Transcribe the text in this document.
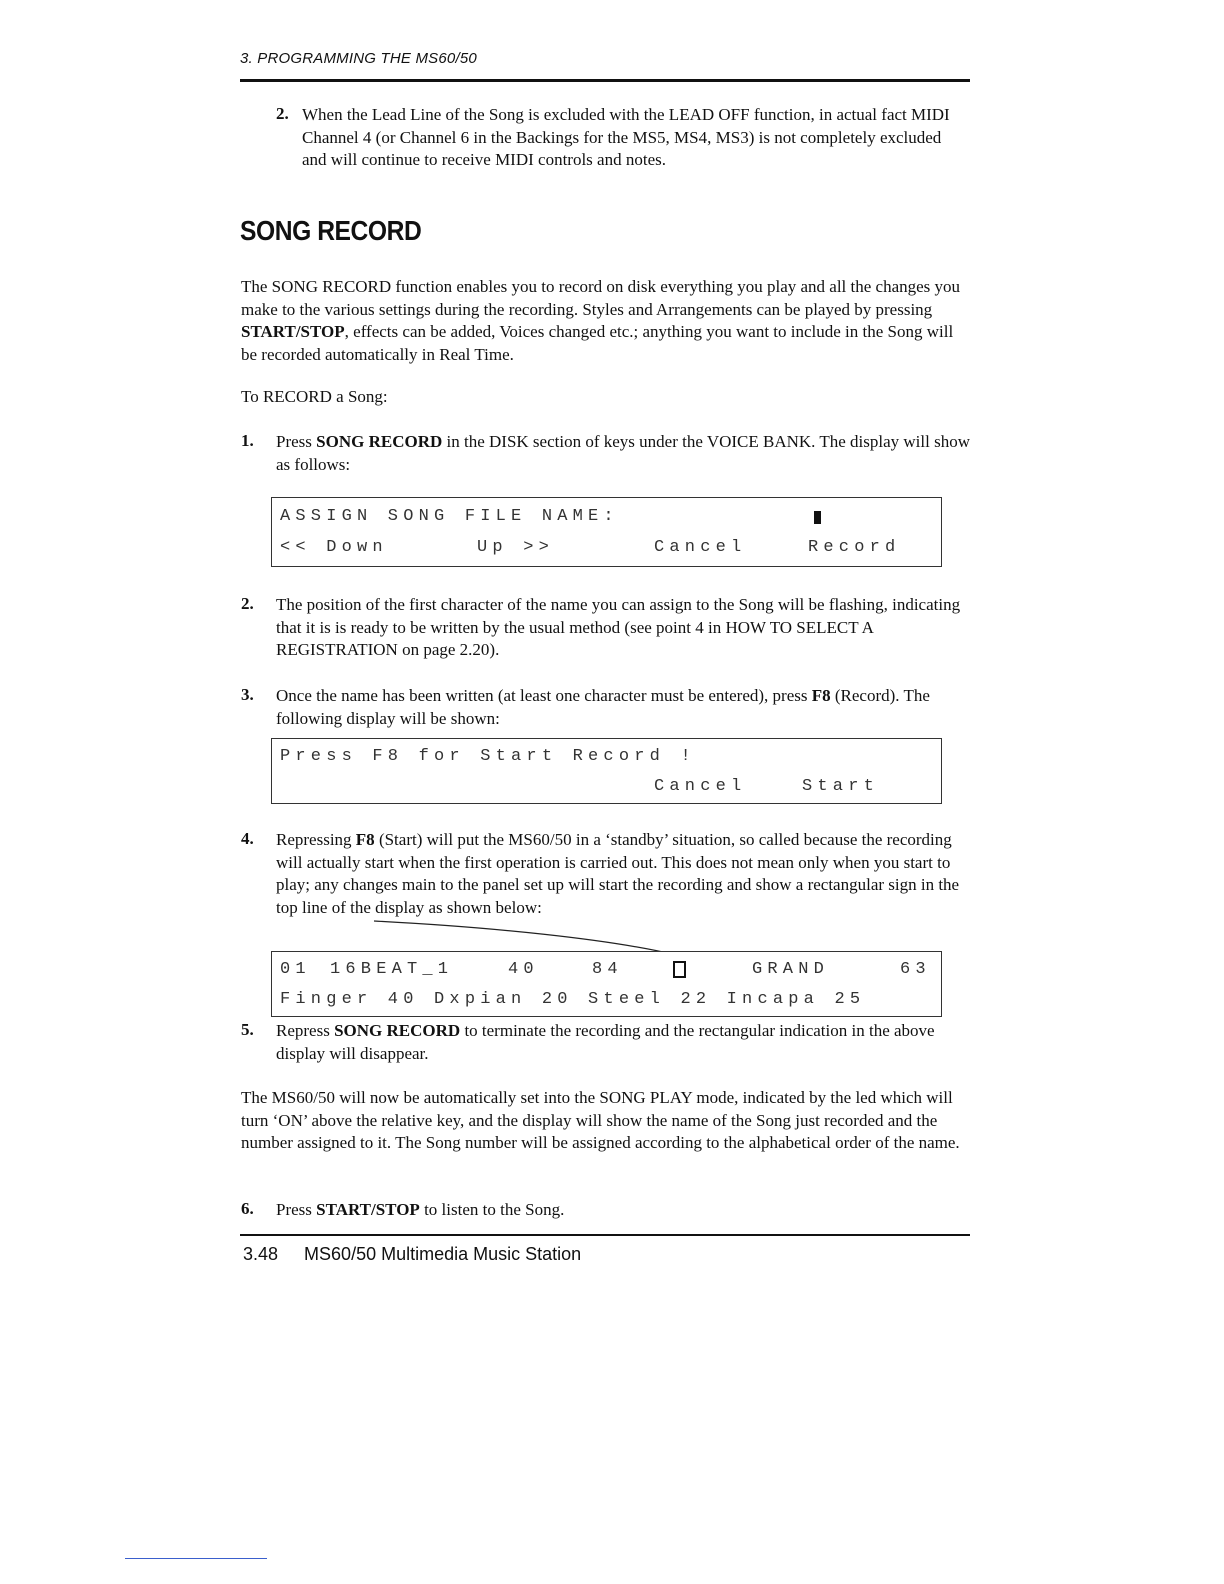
3. PROGRAMMING THE MS60/50
2. When the Lead Line of the Song is excluded with the LEAD OFF function, in actual fact MIDI Channel 4 (or Channel 6 in the Backings for the MS5, MS4, MS3) is not completely excluded and will continue to receive MIDI controls and notes.
SONG RECORD
The SONG RECORD function enables you to record on disk everything you play and all the changes you make to the various settings during the recording. Styles and Arrangements can be played by pressing START/STOP, effects can be added, Voices changed etc.; anything you want to include in the Song will be recorded automatically in Real Time.
To RECORD a Song:
1. Press SONG RECORD in the DISK section of keys under the VOICE BANK. The display will show as follows:
ASSIGN SONG FILE NAME:
<< Down	Up >>	Cancel	Record
2. The position of the first character of the name you can assign to the Song will be flashing, indicating that it is is ready to be written by the usual method (see point 4 in HOW TO SELECT A REGISTRATION on page 2.20).
3. Once the name has been written (at least one character must be entered), press F8 (Record). The following display will be shown:
Press F8 for Start Record !
Cancel	Start
4. Repressing F8 (Start) will put the MS60/50 in a ‘standby’ situation, so called because the recording will actually start when the first operation is carried out. This does not mean only when you start to play; any changes main to the panel set up will start the recording and show a rectangular sign in the top line of the display as shown below:
01 16BEAT_1	40	84	GRAND	63
Finger 40 Dxpian 20 Steel 22 Incapa 25
5. Repress SONG RECORD to terminate the recording and the rectangular indication in the above display will disappear.
The MS60/50 will now be automatically set into the SONG PLAY mode, indicated by the led which will turn ‘ON’ above the relative key, and the display will show the name of the Song just recorded and the number assigned to it. The Song number will be assigned according to the alphabetical order of the name.
6. Press START/STOP to listen to the Song.
3.48 MS60/50 Multimedia Music Station
